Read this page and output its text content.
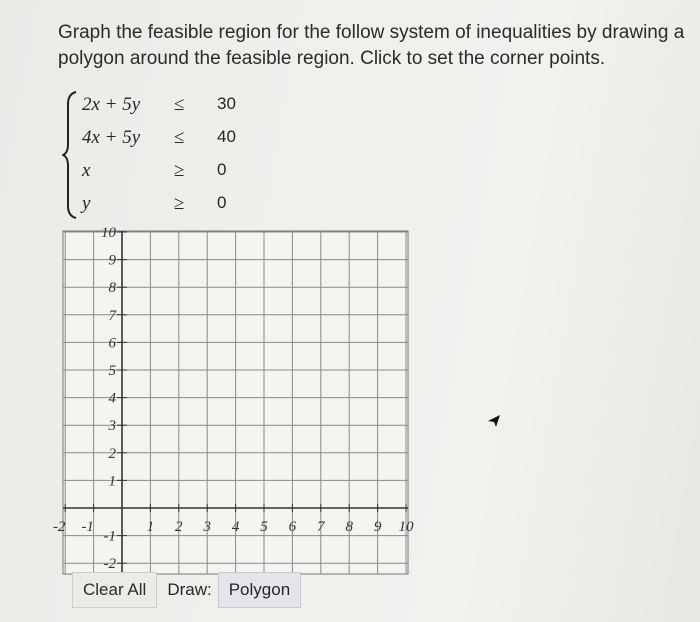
Graph the feasible region for the follow system of inequalities by drawing a polygon around the feasible region. Click to set the corner points.
2x + 5y ≤ 30
4x + 5y ≤ 40
x	≥ 0
y	≥ 0
-2 -1	1 2 3 4 5 6 7 8 9 10
10
9
8
7
6
5
4
3
2
1
-1
-2
Clear All	Draw:	Polygon
